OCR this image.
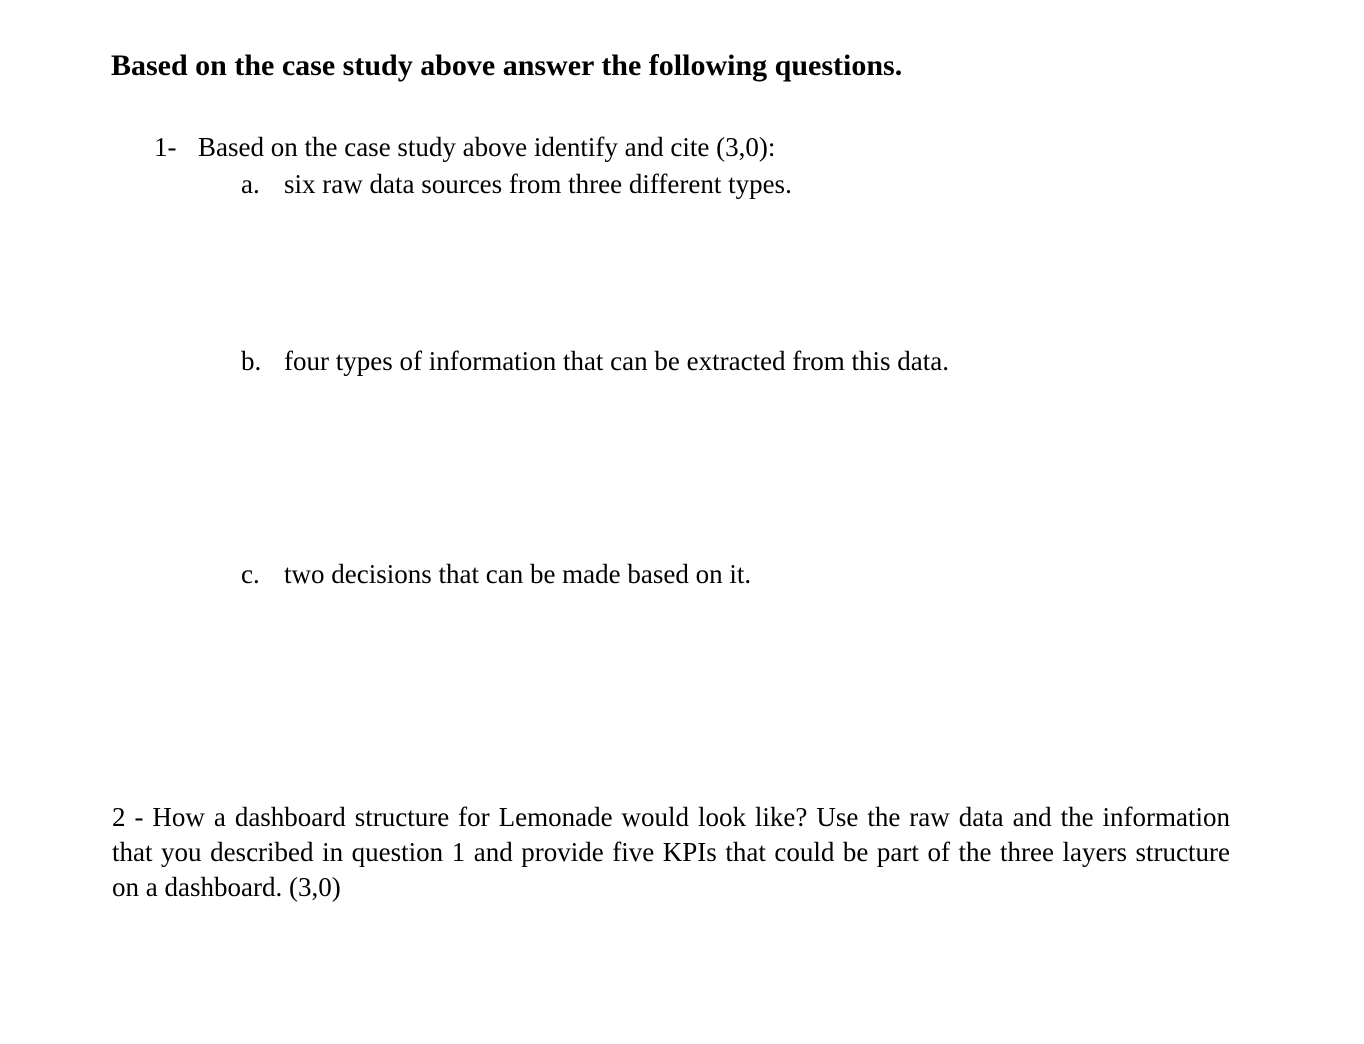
Based on the case study above answer the following questions.
1- Based on the case study above identify and cite (3,0):
a. six raw data sources from three different types.
b. four types of information that can be extracted from this data.
c. two decisions that can be made based on it.
2 - How a dashboard structure for Lemonade would look like? Use the raw data and the information that you described in question 1 and provide five KPIs that could be part of the three layers structure on a dashboard. (3,0)
